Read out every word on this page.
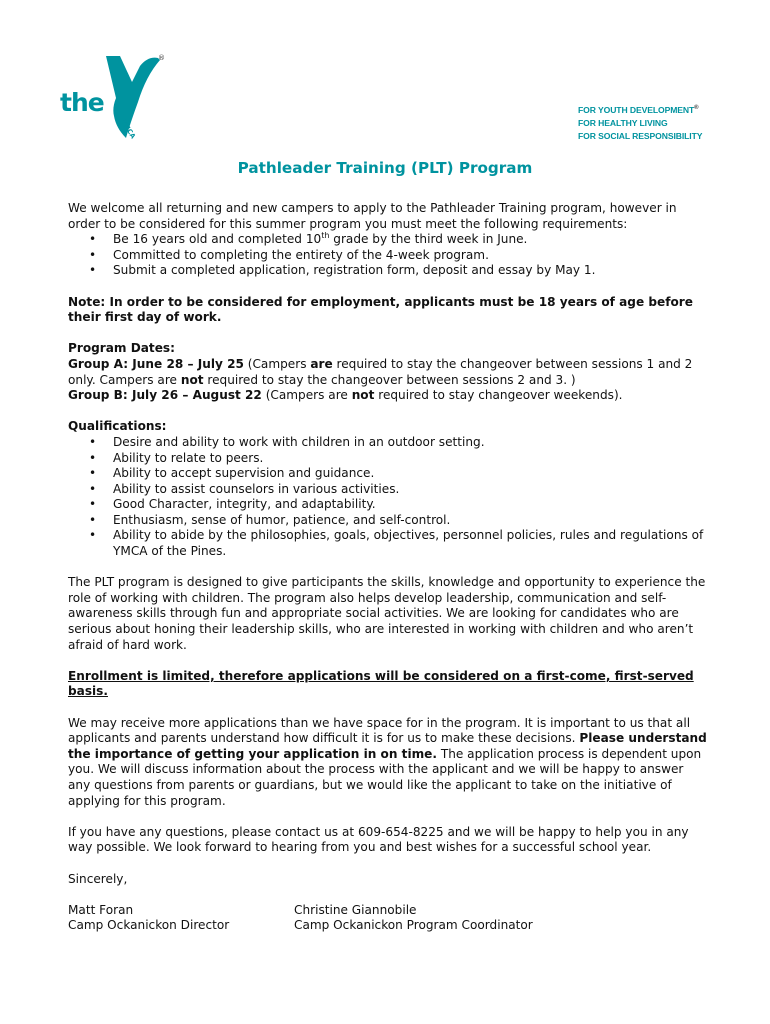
the
®
YMCA
FOR YOUTH DEVELOPMENT®
FOR HEALTHY LIVING
FOR SOCIAL RESPONSIBILITY
Pathleader Training (PLT) Program

We welcome all returning and new campers to apply to the Pathleader Training program, however in order to be considered for this summer program you must meet the following requirements:

• Be 16 years old and completed 10th grade by the third week in June.
• Committed to completing the entirety of the 4-week program.
• Submit a completed application, registration form, deposit and essay by May 1.

Note: In order to be considered for employment, applicants must be 18 years of age before their first day of work.

Program Dates:
Group A: June 28 – July 25 (Campers are required to stay the changeover between sessions 1 and 2 only. Campers are not required to stay the changeover between sessions 2 and 3. )

Group B: July 26 – August 22 (Campers are not required to stay changeover weekends).

Qualifications:
• Desire and ability to work with children in an outdoor setting.
• Ability to relate to peers.
• Ability to accept supervision and guidance.
• Ability to assist counselors in various activities.
• Good Character, integrity, and adaptability.
• Enthusiasm, sense of humor, patience, and self-control.
• Ability to abide by the philosophies, goals, objectives, personnel policies, rules and regulations of YMCA of the Pines.

The PLT program is designed to give participants the skills, knowledge and opportunity to experience the role of working with children. The program also helps develop leadership, communication and self-awareness skills through fun and appropriate social activities. We are looking for candidates who are serious about honing their leadership skills, who are interested in working with children and who aren’t afraid of hard work.

Enrollment is limited, therefore applications will be considered on a first-come, first-served basis.

We may receive more applications than we have space for in the program. It is important to us that all applicants and parents understand how difficult it is for us to make these decisions. Please understand the importance of getting your application in on time. The application process is dependent upon you. We will discuss information about the process with the applicant and we will be happy to answer any questions from parents or guardians, but we would like the applicant to take on the initiative of applying for this program.

If you have any questions, please contact us at 609-654-8225 and we will be happy to help you in any way possible. We look forward to hearing from you and best wishes for a successful school year.

Sincerely,

Matt Foran
Camp Ockanickon Director
Christine Giannobile
Camp Ockanickon Program Coordinator
